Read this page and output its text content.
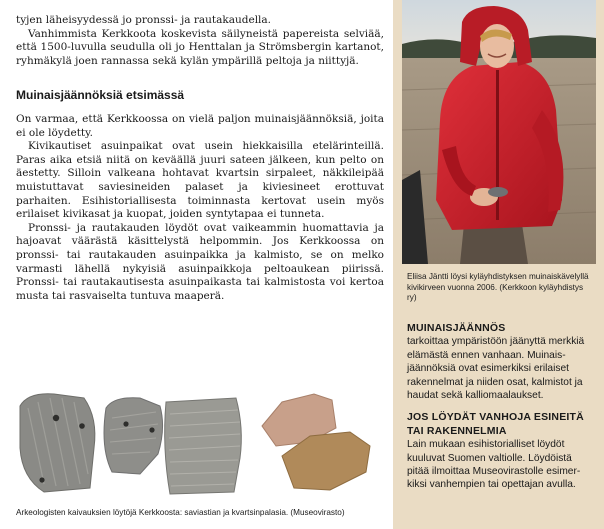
tyjen läheisyydessä jo pronssi- ja rautakaudella.

Vanhimmista Kerkkoota koskevista säilyneistä papereista selviää, että 1500-luvulla seudulla oli jo Henttalan ja Strömsbergin kartanot, ryhmäkylä joen rannassa sekä kylän ympärillä peltoja ja niittyjä.

Muinaisjäännöksiä etsimässä

On varmaa, että Kerkkoossa on vielä paljon muinaisjäännöksiä, joita ei ole löydetty.

Kivikautiset asuinpaikat ovat usein hiekkaisilla etelärinteillä. Paras aika etsiä niitä on keväällä juuri sateen jälkeen, kun pelto on äestetty. Silloin valkeana hohtavat kvartsin sirpaleet, näkkileipää muistuttavat saviesineiden palaset ja kiviesineet erottuvat parhaiten. Esihistoriallisesta toiminnasta kertovat usein myös erilaiset kivikasat ja kuopat, joiden syntytapaa ei tunneta.

Pronssi- ja rautakauden löydöt ovat vaikeammin huomattavia ja hajoavat väärästä käsittelystä helpommin. Jos Kerkkoossa on pronssi- tai rautakauden asuinpaikka ja kalmisto, se on melko varmasti lähellä nykyisiä asuinpaikkoja peltoaukean piirissä. Pronssi- tai rautakautisesta asuinpaikasta tai kalmistosta voi kertoa musta tai rasvaiselta tuntuva maaperä.

Eliisa Jäntti löysi kyläyhdistyksen muinaiskävelyllä kivikirveen vuonna 2006. (Kerkkoon kyläyhdistys ry)
MUINAISJÄÄNNÖS

tarkoittaa ympäristöön jäänyttä merkkiä elämästä ennen vanhaan. Muinaisjäännöksiä ovat esimerkiksi erilaiset rakennelmat ja niiden osat, kalmistot ja haudat sekä kalliomaalaukset.

JOS LÖYDÄT VANHOJA ESINEITÄ TAI RAKENNELMIA

Lain mukaan esihistorialliset löydöt kuuluvat Suomen valtiolle. Löydöistä pitää ilmoittaa Museovirastolle esimerkiksi vanhempien tai opettajan avulla.

Arkeologisten kaivauksien löytöjä Kerkkoosta: saviastian ja kvartsinpalasia. (Museovirasto)
